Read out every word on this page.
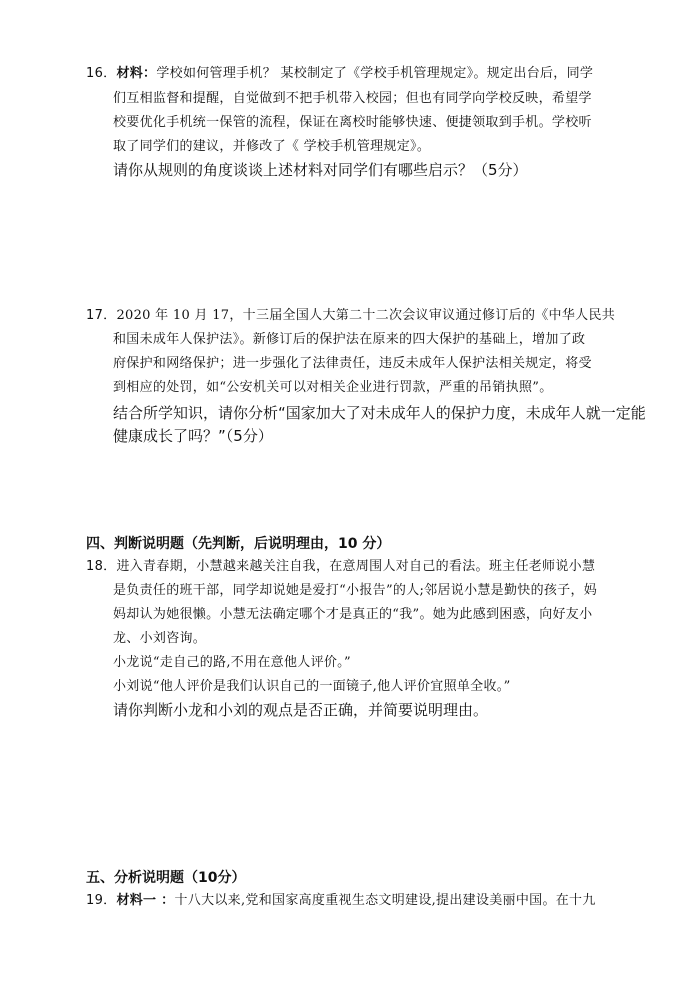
16．材料：学校如何管理手机？ 某校制定了《学校手机管理规定》。规定出台后，同学
们互相监督和提醒，自觉做到不把手机带入校园；但也有同学向学校反映，希望学
校要优化手机统一保管的流程，保证在离校时能够快速、便捷领取到手机。学校听
取了同学们的建议，并修改了《 学校手机管理规定》。
请你从规则的角度谈谈上述材料对同学们有哪些启示？（5分）
17．2020 年 10 月 17，十三届全国人大第二十二次会议审议通过修订后的《中华人民共
和国未成年人保护法》。新修订后的保护法在原来的四大保护的基础上，增加了政
府保护和网络保护；进一步强化了法律责任，违反未成年人保护法相关规定，将受
到相应的处罚，如“公安机关可以对相关企业进行罚款，严重的吊销执照”。
结合所学知识，请你分析“国家加大了对未成年人的保护力度，未成年人就一定能
健康成长了吗？”（5分）
四、判断说明题（先判断，后说明理由，10 分）
18．进入青春期，小慧越来越关注自我，在意周围人对自己的看法。班主任老师说小慧
是负责任的班干部，同学却说她是爱打“小报告”的人;邻居说小慧是勤快的孩子，妈
妈却认为她很懒。小慧无法确定哪个才是真正的“我”。她为此感到困惑，向好友小
龙、小刘咨询。
小龙说“走自己的路,不用在意他人评价。”
小刘说“他人评价是我们认识自己的一面镜子,他人评价宜照单全收。”
请你判断小龙和小刘的观点是否正确，并简要说明理由。
五、分析说明题（10分）
19．材料一 ：十八大以来,党和国家高度重视生态文明建设,提出建设美丽中国。在十九
